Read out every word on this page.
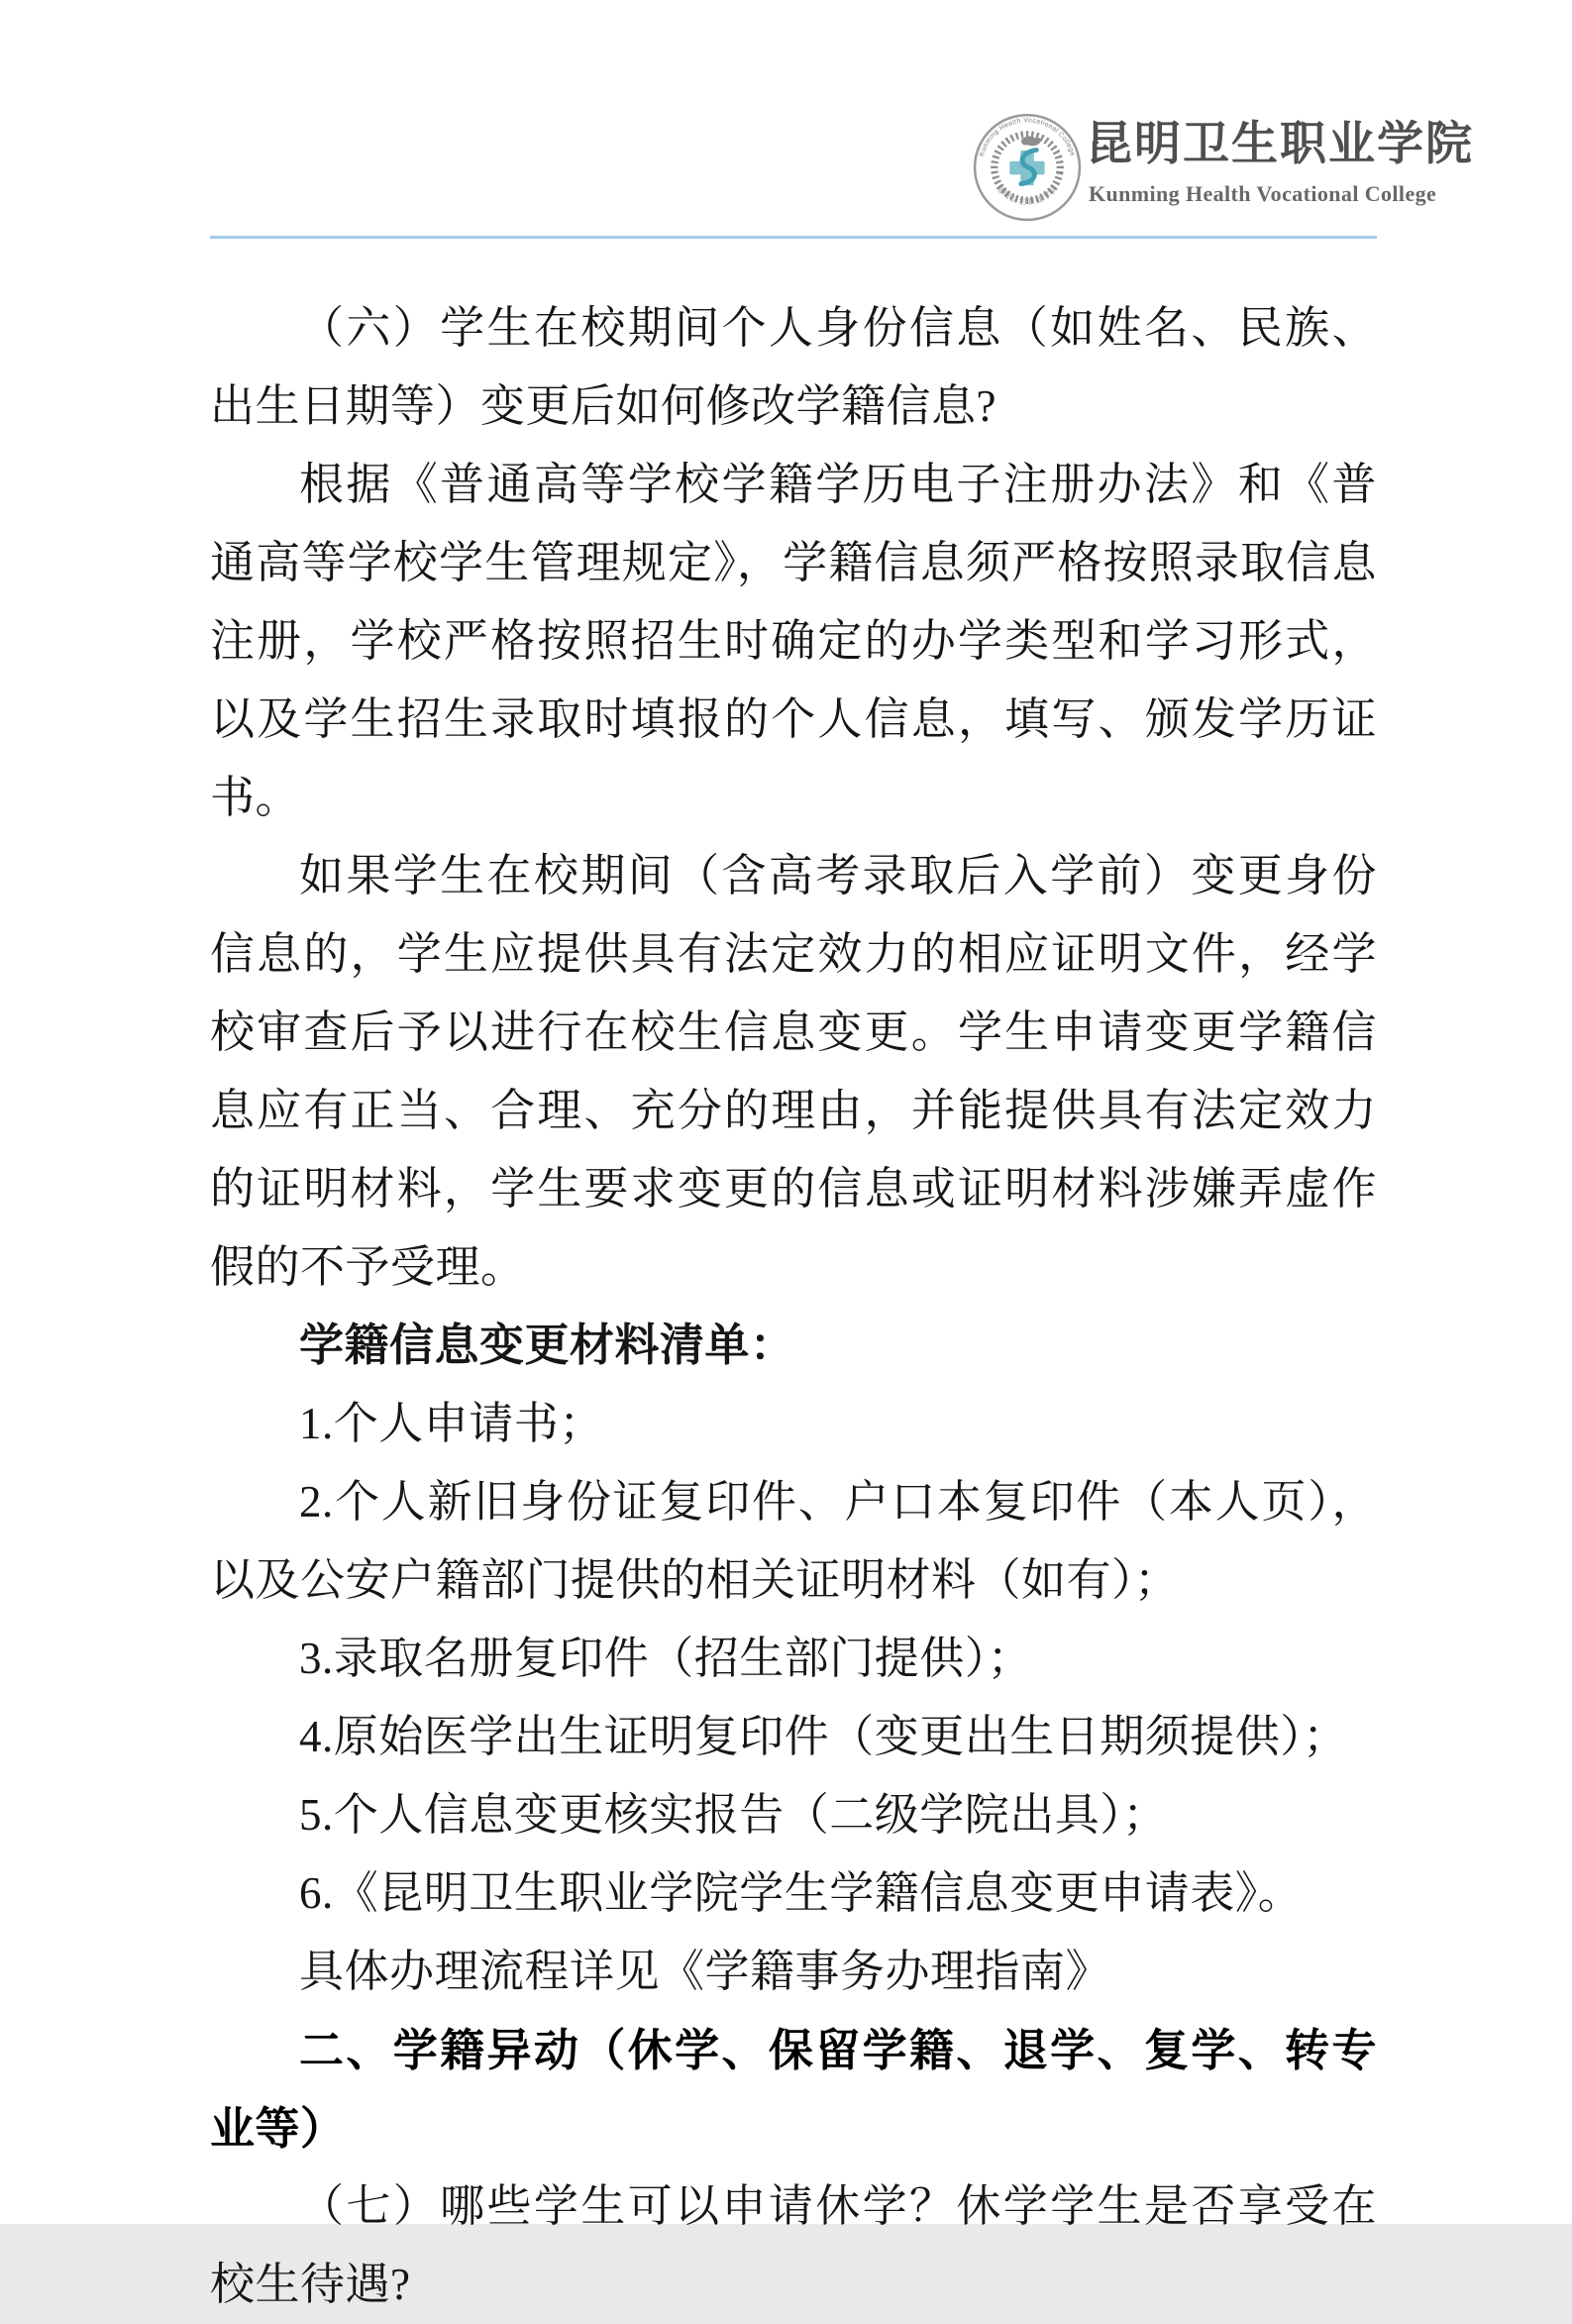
Kunming Health Vocational College
昆明卫生职业学院
昆明卫生职业学院
Kunming Health Vocational College

（六）学生在校期间个人身份信息（如姓名、民族、出生日期等）变更后如何修改学籍信息?

根据《普通高等学校学籍学历电子注册办法》和《普通高等学校学生管理规定》，学籍信息须严格按照录取信息注册，学校严格按照招生时确定的办学类型和学习形式，以及学生招生录取时填报的个人信息，填写、颁发学历证书。

如果学生在校期间（含高考录取后入学前）变更身份信息的，学生应提供具有法定效力的相应证明文件，经学校审查后予以进行在校生信息变更。学生申请变更学籍信息应有正当、合理、充分的理由，并能提供具有法定效力的证明材料，学生要求变更的信息或证明材料涉嫌弄虚作假的不予受理。

学籍信息变更材料清单：

1.个人申请书；

2.个人新旧身份证复印件、户口本复印件（本人页），以及公安户籍部门提供的相关证明材料（如有）；

3.录取名册复印件（招生部门提供）；

4.原始医学出生证明复印件（变更出生日期须提供）；

5.个人信息变更核实报告（二级学院出具）；

6.《昆明卫生职业学院学生学籍信息变更申请表》。

具体办理流程详见《学籍事务办理指南》

二、学籍异动（休学、保留学籍、退学、复学、转专业等）

（七）哪些学生可以申请休学？休学学生是否享受在校生待遇?
